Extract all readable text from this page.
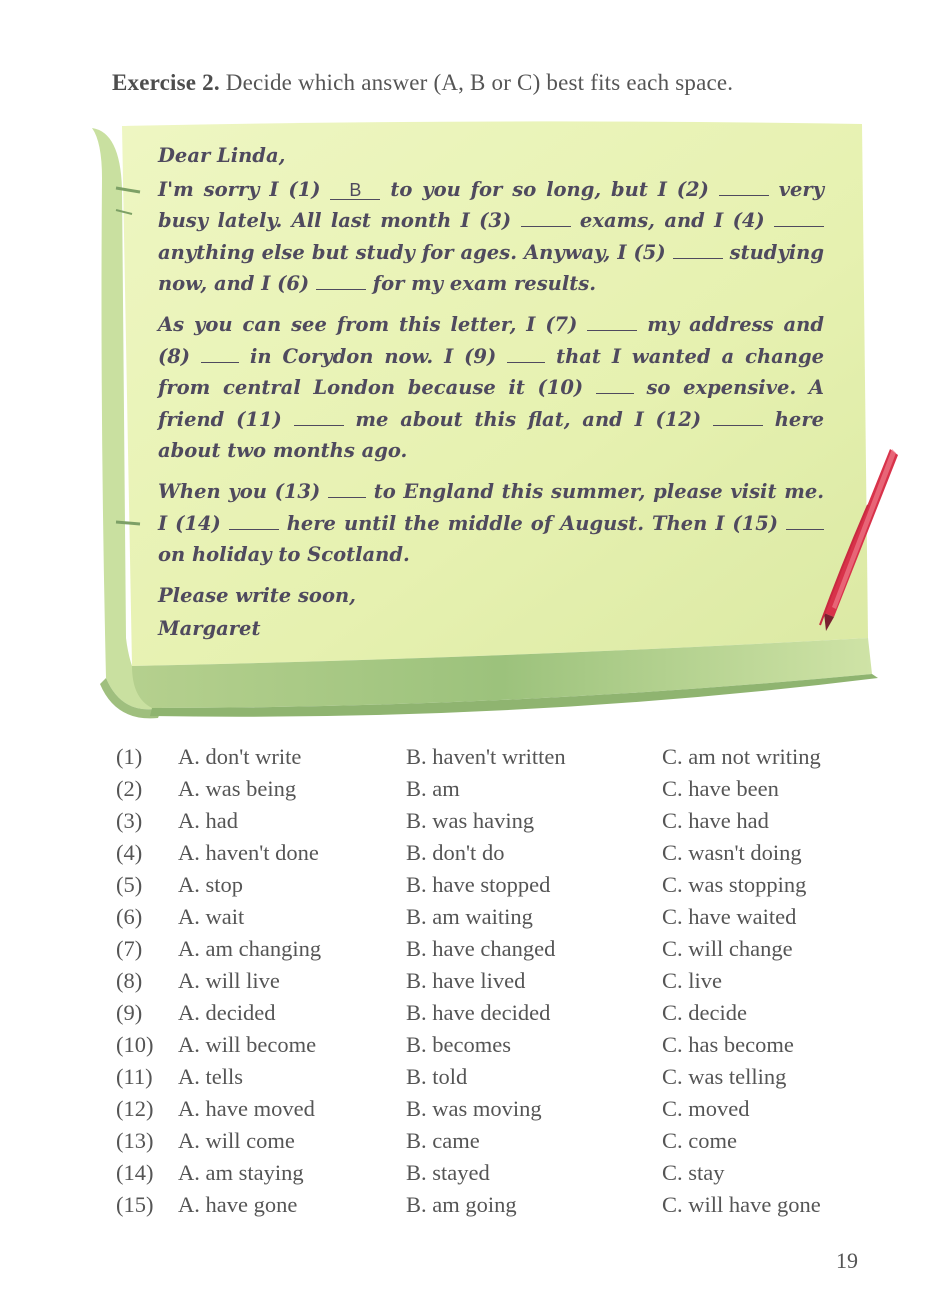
Exercise 2. Decide which answer (A, B or C) best fits each space.

Dear Linda,

I'm sorry I (1) B to you for so long, but I (2)	very busy lately. All last month I (3)	exams, and I (4)  anything else but study for ages. Anyway, I (5)	studying now, and I (6)	for my exam results.

As you can see from this letter, I (7)	my address and (8)	in Corydon now. I (9)	that I wanted a change from central London because it (10)	so expensive. A friend (11)	me about this flat, and I (12)	here about two months ago.

When you (13)	to England this summer, please visit me. I (14)	here until the middle of August. Then I (15)  on holiday to Scotland.

Please write soon,

Margaret

(1) A. don't write	B. haven't written	C. am not writing
(2) A. was being	B. am	C. have been
(3) A. had	B. was having	C. have had
(4) A. haven't done	B. don't do	C. wasn't doing
(5) A. stop	B. have stopped	C. was stopping
(6) A. wait	B. am waiting	C. have waited
(7) A. am changing	B. have changed	C. will change
(8) A. will live	B. have lived	C. live
(9) A. decided	B. have decided	C. decide
(10) A. will become	B. becomes	C. has become
(11) A. tells	B. told	C. was telling
(12) A. have moved	B. was moving	C. moved
(13) A. will come	B. came	C. come
(14) A. am staying	B. stayed	C. stay
(15) A. have gone	B. am going	C. will have gone
19
